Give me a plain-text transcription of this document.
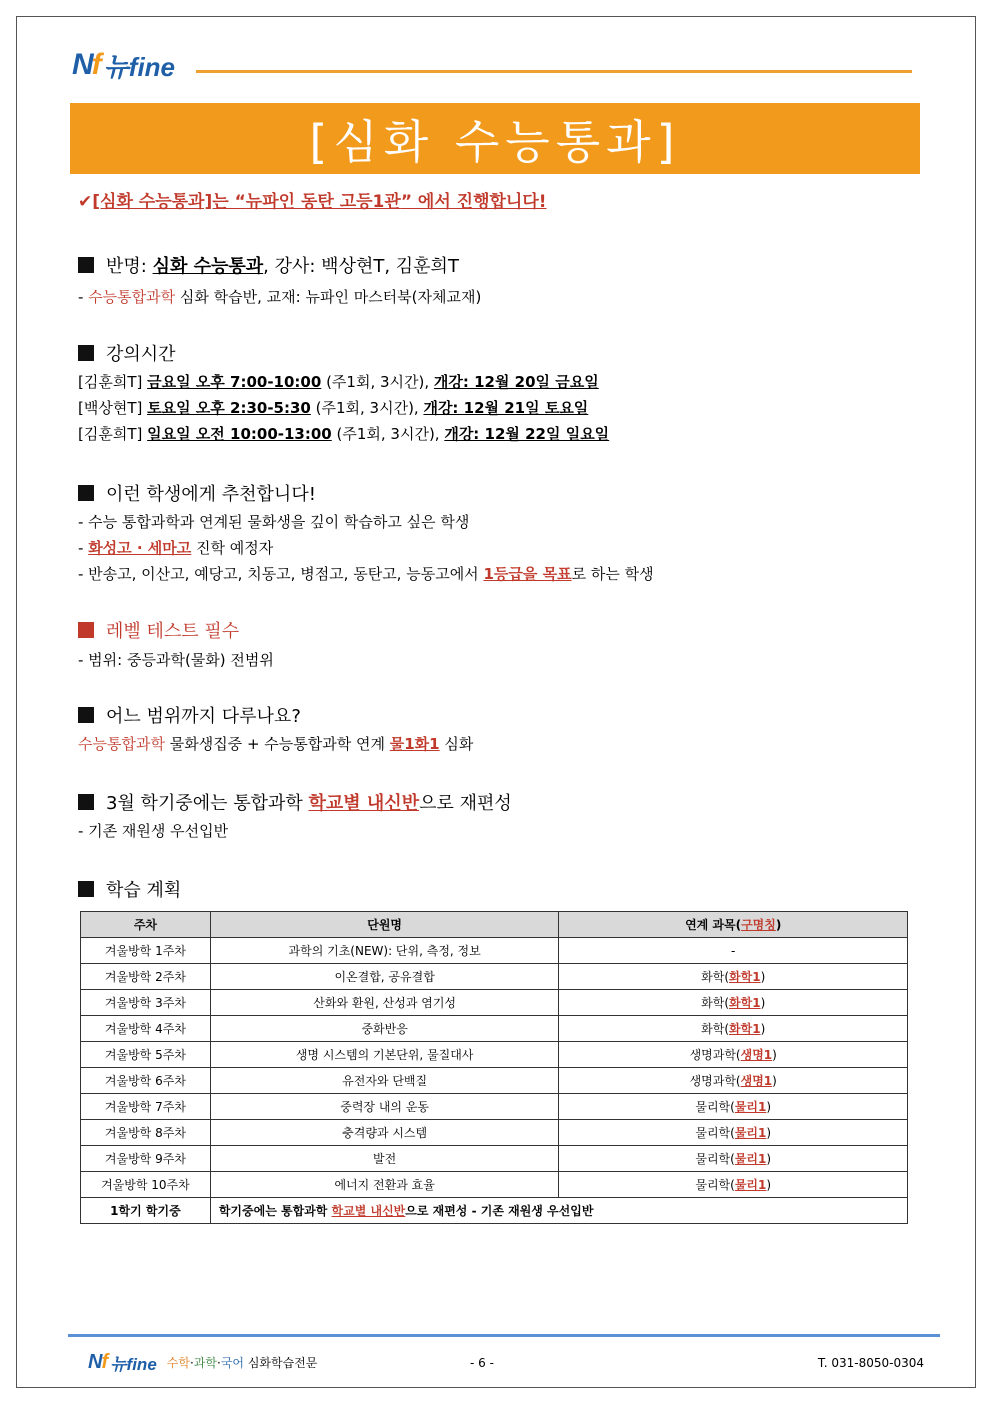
Nf 뉴fine
[심화 수능통과]
✔[심화 수능통과]는 “뉴파인 동탄 고등1관” 에서 진행합니다!
반명: 심화 수능통과, 강사: 백상현T, 김훈희T
- 수능통합과학 심화 학습반, 교재: 뉴파인 마스터북(자체교재)
강의시간
[김훈희T] 금요일 오후 7:00-10:00 (주1회, 3시간), 개강: 12월 20일 금요일
[백상현T] 토요일 오후 2:30-5:30 (주1회, 3시간), 개강: 12월 21일 토요일
[김훈희T] 일요일 오전 10:00-13:00 (주1회, 3시간), 개강: 12월 22일 일요일
이런 학생에게 추천합니다!
- 수능 통합과학과 연계된 물화생을 깊이 학습하고 싶은 학생
- 화성고 · 세마고 진학 예정자
- 반송고, 이산고, 예당고, 치동고, 병점고, 동탄고, 능동고에서 1등급을 목표로 하는 학생
레벨 테스트 필수
- 범위: 중등과학(물화) 전범위
어느 범위까지 다루나요?
수능통합과학 물화생집중 + 수능통합과학 연계 물1화1 심화
3월 학기중에는 통합과학 학교별 내신반으로 재편성
- 기존 재원생 우선입반
학습 계획
주차	단원명	연계 과목(구명칭)
겨울방학 1주차	과학의 기초(NEW): 단위, 측정, 정보	-
겨울방학 2주차	이온결합, 공유결합	화학(화학1)
겨울방학 3주차	산화와 환원, 산성과 염기성	화학(화학1)
겨울방학 4주차	중화반응	화학(화학1)
겨울방학 5주차	생명 시스템의 기본단위, 물질대사	생명과학(생명1)
겨울방학 6주차	유전자와 단백질	생명과학(생명1)
겨울방학 7주차	중력장 내의 운동	물리학(물리1)
겨울방학 8주차	충격량과 시스템	물리학(물리1)
겨울방학 9주차	발전	물리학(물리1)
겨울방학 10주차	에너지 전환과 효율	물리학(물리1)
1학기 학기중	학기중에는 통합과학 학교별 내신반으로 재편성 - 기존 재원생 우선입반	
Nf 뉴fine 수학·과학·국어 심화학습전문	- 6 -	T. 031-8050-0304
